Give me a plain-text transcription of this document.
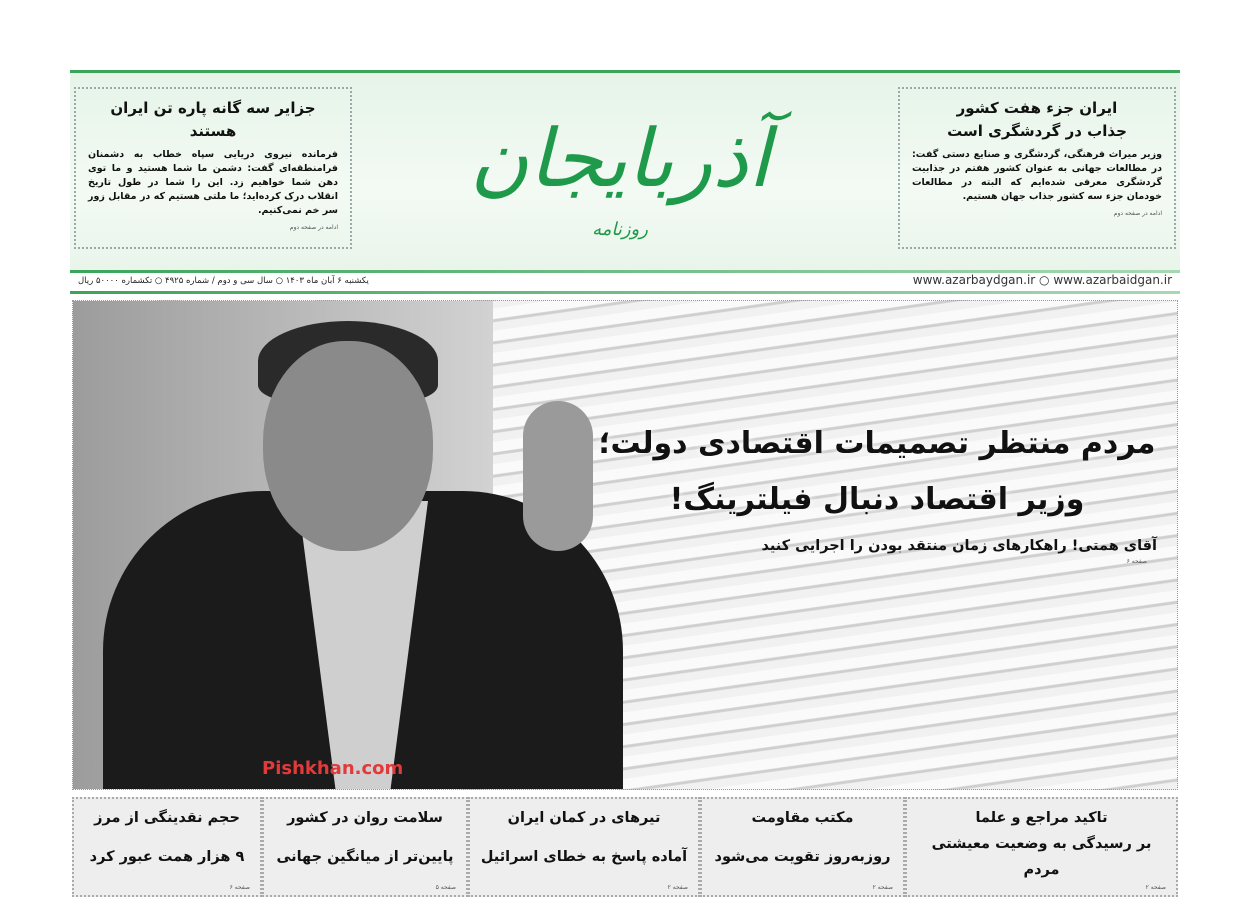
جزایر سه گانه پاره تن ایران هستند

فرمانده نیروی دریایی سپاه خطاب به دشمنان فرامنطقه‌ای گفت: دشمن ما شما هستید و ما توی دهن شما خواهیم زد. این را شما در طول تاریخ انقلاب درک کرده‌اید؛ ما ملتی هستیم که در مقابل زور سر خم نمی‌کنیم.

ادامه در صفحه دوم
آذربایجان
روزنامه
ایران جزء هفت کشور
جذاب در گردشگری است

وزیر میراث فرهنگی، گردشگری و صنایع دستی گفت: در مطالعات جهانی به عنوان کشور هفتم در جذابیت گردشگری معرفی شده‌ایم که البته در مطالعات خودمان جزء سه کشور جذاب جهان هستیم.

ادامه در صفحه دوم
یکشنبه ۶ آبان ماه ۱۴۰۳ ○ سال سی و دوم / شماره ۴۹۲۵ ○ تکشماره ۵۰۰۰۰ ریال	www.azarbaydgan.ir ○ www.azarbaidgan.ir
مردم منتظر تصمیمات اقتصادی دولت؛
وزیر اقتصاد دنبال فیلترینگ!
آقای همتی! راهکارهای زمان منتقد بودن را اجرایی کنید
صفحه ۶
Pishkhan.com
تاکید مراجع و علما
بر رسیدگی به وضعیت معیشتی مردم
صفحه ۲
مکتب مقاومت
روزبه‌روز تقویت می‌شود
صفحه ۲
تیرهای در کمان ایران
آماده پاسخ به خطای اسرائیل
صفحه ۲
سلامت روان در کشور
پایین‌تر از میانگین جهانی
صفحه ۵
حجم نقدینگی از مرز
۹ هزار همت عبور کرد
صفحه ۶
